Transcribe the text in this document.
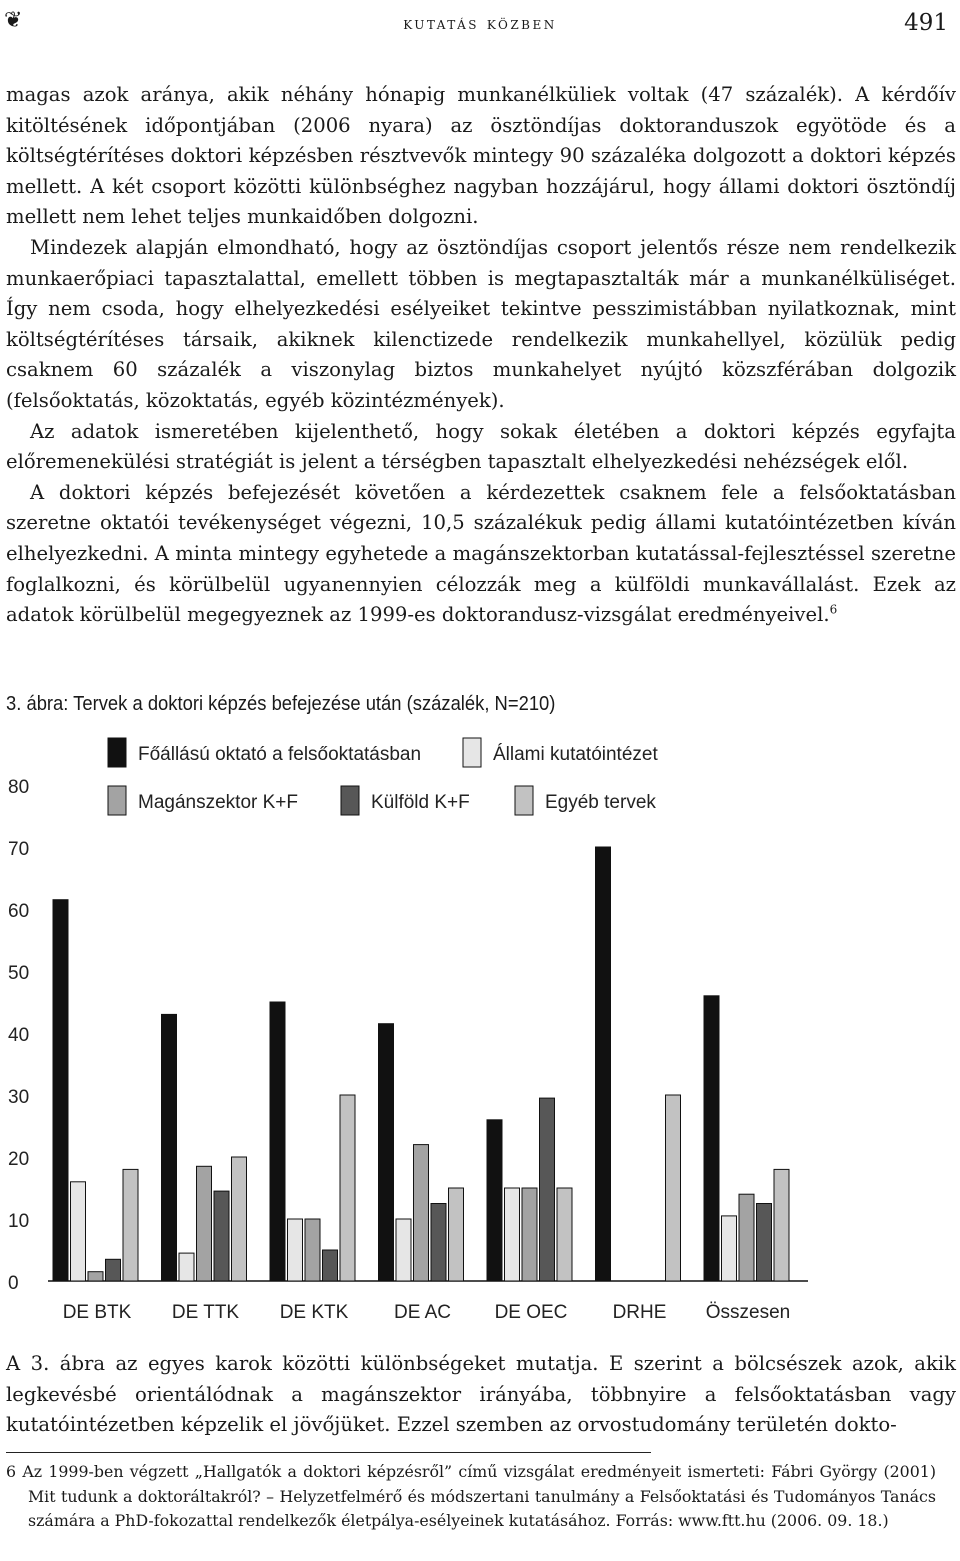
❦	kutatás közben	491

magas azok aránya, akik néhány hónapig munkanélküliek voltak (47 százalék). A kérdőív kitöltésének időpontjában (2006 nyara) az ösztöndíjas doktoranduszok egyötöde és a költségtérítéses doktori képzésben résztvevők mintegy 90 százaléka dolgozott a doktori képzés mellett. A két csoport közötti különbséghez nagyban hozzájárul, hogy állami doktori ösztöndíj mellett nem lehet teljes munkaidőben dolgozni.

Mindezek alapján elmondható, hogy az ösztöndíjas csoport jelentős része nem rendelkezik munkaerőpiaci tapasztalattal, emellett többen is megtapasztalták már a munkanélküliséget. Így nem csoda, hogy elhelyezkedési esélyeiket tekintve pesszimistábban nyilatkoznak, mint költségtérítéses társaik, akiknek kilenctizede rendelkezik munkahellyel, közülük pedig csaknem 60 százalék a viszonylag biztos munkahelyet nyújtó közszférában dolgozik (felsőoktatás, közoktatás, egyéb közintézmények).

Az adatok ismeretében kijelenthető, hogy sokak életében a doktori képzés egyfajta előremenekülési stratégiát is jelent a térségben tapasztalt elhelyezkedési nehézségek elől.

A doktori képzés befejezését követően a kérdezettek csaknem fele a felsőoktatásban szeretne oktatói tevékenységet végezni, 10,5 százalékuk pedig állami kutatóintézetben kíván elhelyezkedni. A minta mintegy egyhetede a magánszektorban kutatással-fejlesztéssel szeretne foglalkozni, és körülbelül ugyanennyien célozzák meg a külföldi munkavállalást. Ezek az adatok körülbelül megegyeznek az 1999-es doktorandusz-vizsgálat eredményeivel.$^6$

3. ábra: Tervek a doktori képzés befejezése után (százalék, N=210)
0
10
20
30
40
50
60
70
80
DE BTK DE TTK DE KTK DE AC DE OEC DRHE Összesen
Főállású oktató a felsőoktatásban	Állami kutatóintézet
Magánszektor K+F	Külföld K+F	Egyéb tervek

A 3. ábra az egyes karok közötti különbségeket mutatja. E szerint a bölcsészek azok, akik legkevésbé orientálódnak a magánszektor irányába, többnyire a felsőoktatásban vagy kutatóintézetben képzelik el jövőjüket. Ezzel szemben az orvostudomány területén dokto-

6 Az 1999-ben végzett „Hallgatók a doktori képzésről” című vizsgálat eredményeit ismerteti: Fábri György (2001) Mit tudunk a doktoráltakról? – Helyzetfelmérő és módszertani tanulmány a Felsőoktatási és Tudományos Tanács számára a PhD-fokozattal rendelkezők életpálya-esélyeinek kutatásához. Forrás: www.ftt.hu (2006. 09. 18.)
